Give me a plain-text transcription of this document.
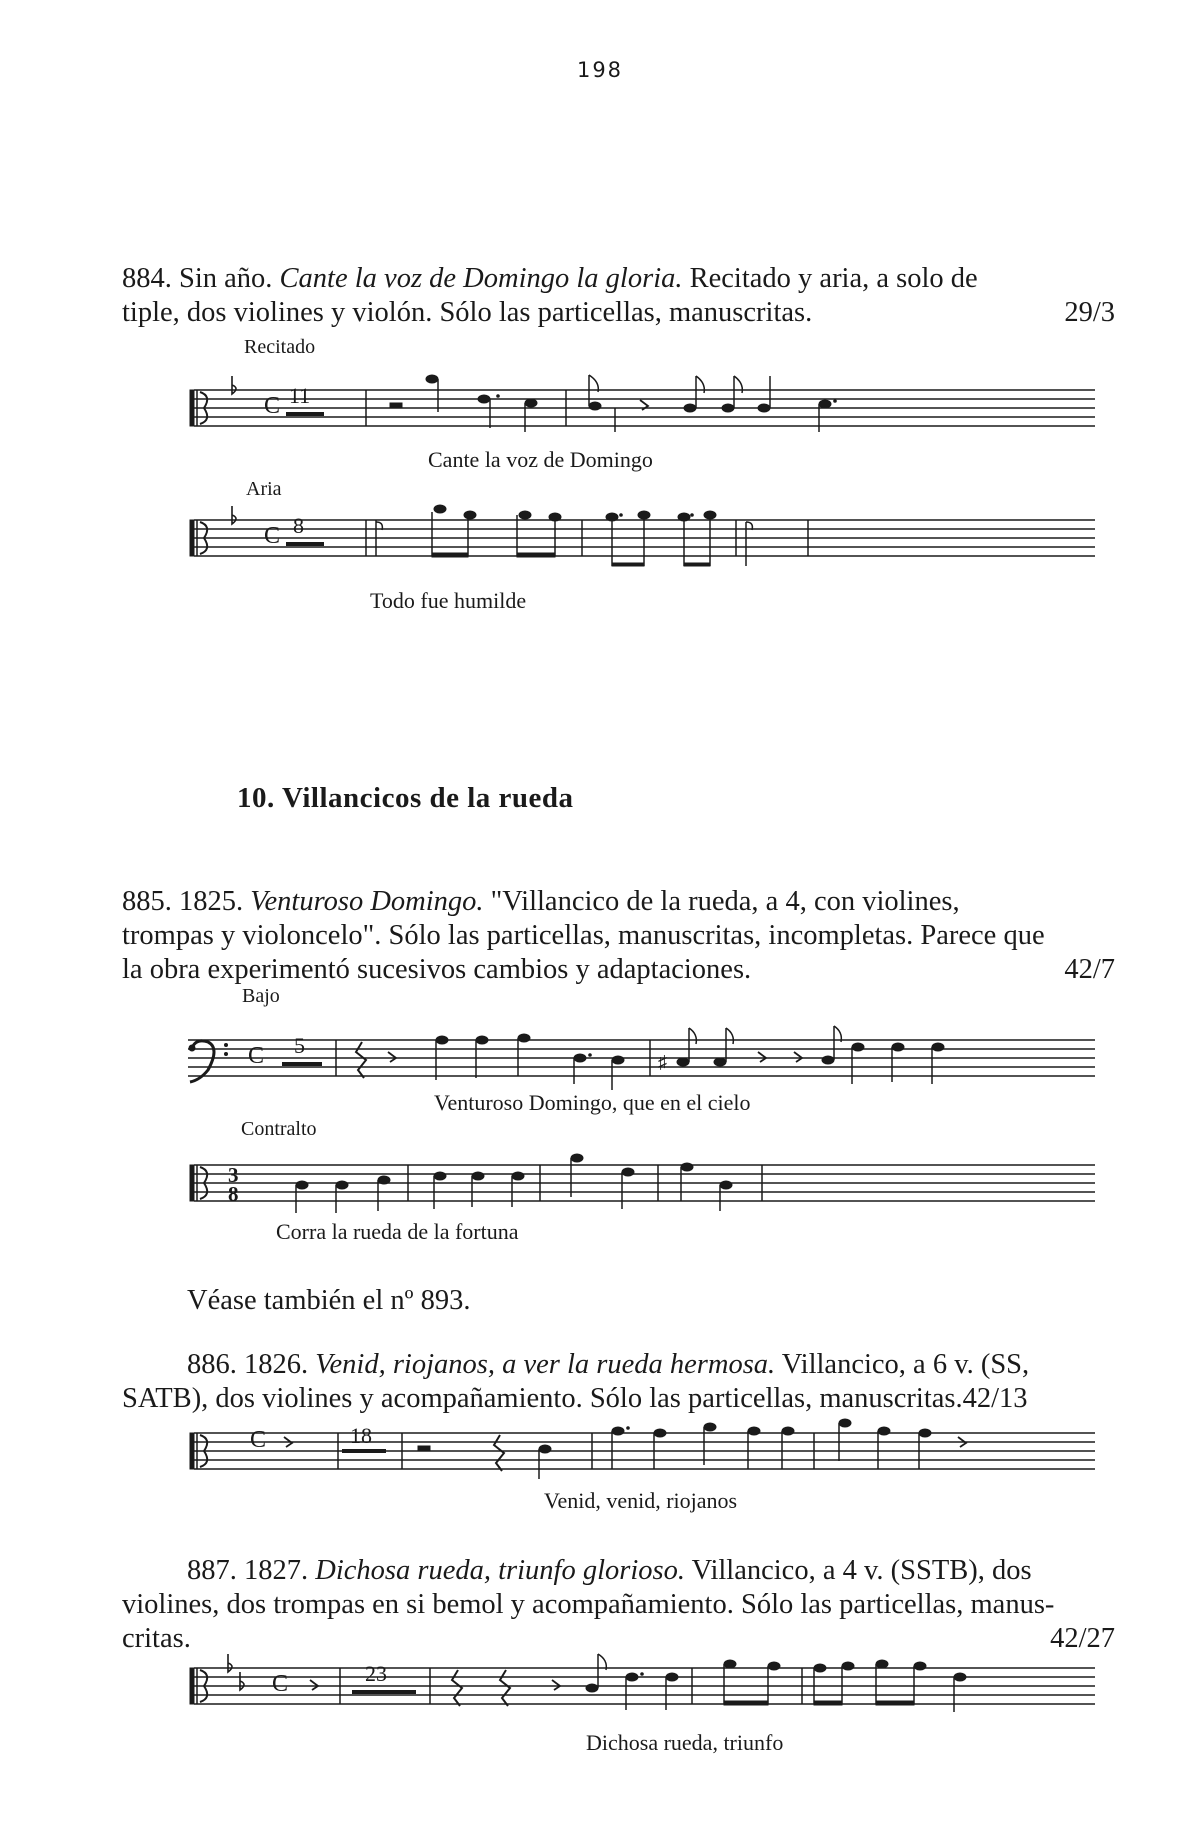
198
884. Sin año. Cante la voz de Domingo la gloria. Recitado y aria, a solo de
tiple, dos violines y violón. Sólo las particellas, manuscritas.	29/3
Recitado
C 11
Cante la voz de Domingo
Aria
C 8
Todo fue humilde
10. Villancicos de la rueda
885. 1825. Venturoso Domingo. "Villancico de la rueda, a 4, con violines,
trompas y violoncelo". Sólo las particellas, manuscritas, incompletas. Parece que
la obra experimentó sucesivos cambios y adaptaciones.	42/7
Bajo
C 5
♯
Venturoso Domingo, que en el cielo
Contralto
3
8
Corra la rueda de la fortuna
Véase también el nº 893.
886. 1826. Venid, riojanos, a ver la rueda hermosa. Villancico, a 6 v. (SS,
SATB), dos violines y acompañamiento. Sólo las particellas, manuscritas.42/13
C	18
Venid, venid, riojanos
887. 1827. Dichosa rueda, triunfo glorioso. Villancico, a 4 v. (SSTB), dos
violines, dos trompas en si bemol y acompañamiento. Sólo las particellas, manus-
critas.	42/27
C	23
Dichosa rueda, triunfo
